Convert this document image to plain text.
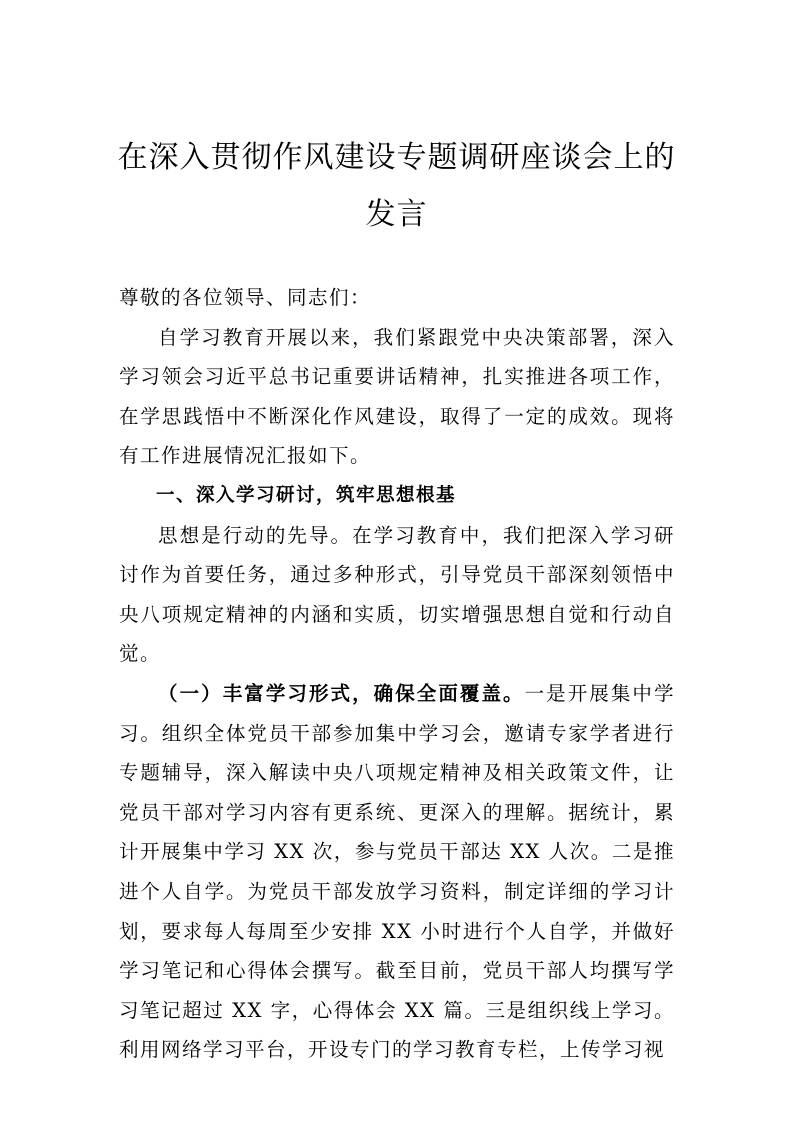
在深入贯彻作风建设专题调研座谈会上的
发言

尊敬的各位领导、同志们：

自学习教育开展以来，我们紧跟党中央决策部署，深入学习领会习近平总书记重要讲话精神，扎实推进各项工作，在学思践悟中不断深化作风建设，取得了一定的成效。现将有工作进展情况汇报如下。

一、深入学习研讨，筑牢思想根基

思想是行动的先导。在学习教育中，我们把深入学习研讨作为首要任务，通过多种形式，引导党员干部深刻领悟中央八项规定精神的内涵和实质，切实增强思想自觉和行动自觉。

（一）丰富学习形式，确保全面覆盖。一是开展集中学习。组织全体党员干部参加集中学习会，邀请专家学者进行专题辅导，深入解读中央八项规定精神及相关政策文件，让党员干部对学习内容有更系统、更深入的理解。据统计，累计开展集中学习 XX 次，参与党员干部达 XX 人次。二是推进个人自学。为党员干部发放学习资料，制定详细的学习计划，要求每人每周至少安排 XX 小时进行个人自学，并做好学习笔记和心得体会撰写。截至目前，党员干部人均撰写学习笔记超过 XX 字，心得体会 XX 篇。三是组织线上学习。利用网络学习平台，开设专门的学习教育专栏，上传学习视
